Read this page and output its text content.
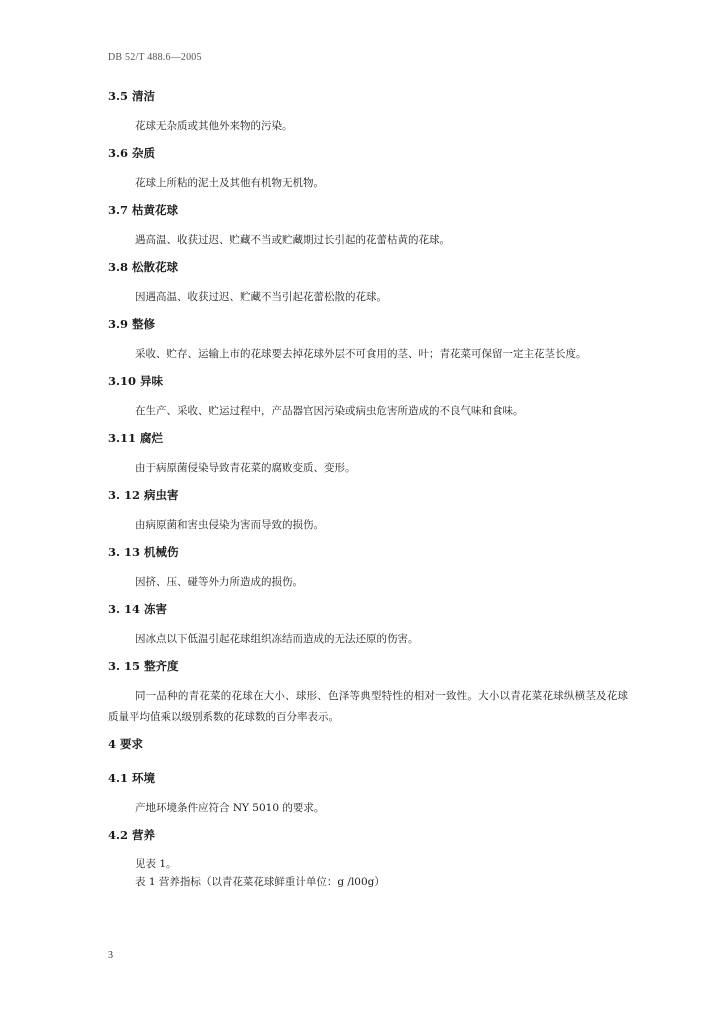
DB 52/T 488.6—2005

3.5 清洁

花球无杂质或其他外来物的污染。

3.6 杂质

花球上所粘的泥土及其他有机物无机物。

3.7 枯黄花球

遇高温、收获过迟、贮藏不当或贮藏期过长引起的花蕾枯黄的花球。

3.8 松散花球

因遇高温、收获过迟、贮藏不当引起花蕾松散的花球。

3.9 整修

采收、贮存、运输上市的花球要去掉花球外层不可食用的茎、叶；青花菜可保留一定主花茎长度。

3.10 异味

在生产、采收、贮运过程中，产品器官因污染或病虫危害所造成的不良气味和食味。

3.11 腐烂

由于病原菌侵染导致青花菜的腐败变质、变形。

3. 12 病虫害

由病原菌和害虫侵染为害而导致的损伤。

3. 13 机械伤

因挤、压、碰等外力所造成的损伤。

3. 14 冻害

因冰点以下低温引起花球组织冻结而造成的无法还原的伤害。

3. 15 整齐度

同一品种的青花菜的花球在大小、球形、色泽等典型特性的相对一致性。大小以青花菜花球纵横茎及花球质量平均值乘以级别系数的花球数的百分率表示。

4 要求

4.1 环境

产地环境条件应符合 NY 5010 的要求。

4.2 营养

见表 1。

表 1 营养指标（以青花菜花球鲜重计单位：g /l00g）

3
